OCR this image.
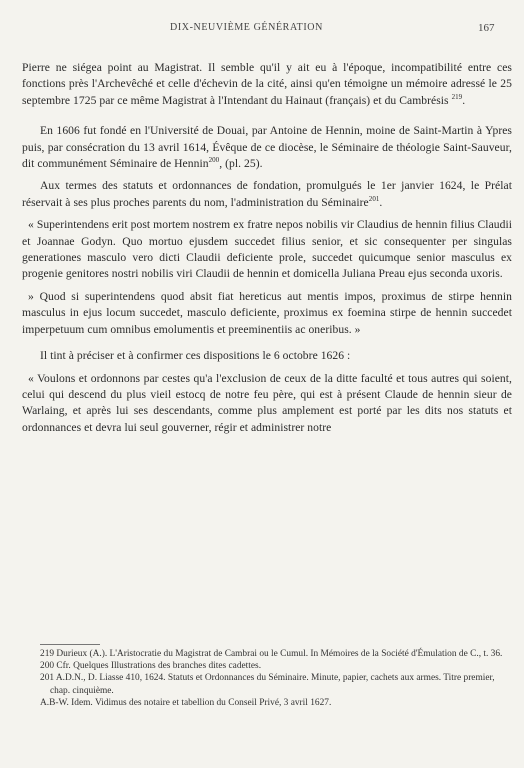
DIX-NEUVIÈME GÉNÉRATION	167

Pierre ne siégea point au Magistrat. Il semble qu'il y ait eu à l'époque, incompatibilité entre ces fonctions près l'Archevêché et celle d'échevin de la cité, ainsi qu'en témoigne un mémoire adressé le 25 septembre 1725 par ce même Magistrat à l'Intendant du Hainaut (français) et du Cambrésis $^{219}$.

En 1606 fut fondé en l'Université de Douai, par Antoine de Hennin, moine de Saint-Martin à Ypres puis, par consécration du 13 avril 1614, Évêque de ce diocèse, le Séminaire de théologie Saint-Sauveur, dit communément Séminaire de Hennin$^{200}$, (pl. 25).

Aux termes des statuts et ordonnances de fondation, promulgués le 1er janvier 1624, le Prélat réservait à ses plus proches parents du nom, l'administration du Séminaire$^{201}$.

« Superintendens erit post mortem nostrem ex fratre nepos nobilis vir Claudius de hennin filius Claudii et Joannae Godyn. Quo mortuo ejusdem succedet filius senior, et sic consequenter per singulas generationes masculo vero dicti Claudii deficiente prole, succedet quicumque senior masculus ex progenie genitores nostri nobilis viri Claudii de hennin et domicella Juliana Preau ejus seconda uxoris.

» Quod si superintendens quod absit fiat hereticus aut mentis impos, proximus de stirpe hennin masculus in ejus locum succedet, masculo deficiente, proximus ex foemina stirpe de hennin succedet imperpetuum cum omnibus emolumentis et preeminentiis ac oneribus. »

Il tint à préciser et à confirmer ces dispositions le 6 octobre 1626 :

« Voulons et ordonnons par cestes qu'a l'exclusion de ceux de la ditte faculté et tous autres qui soient, celui qui descend du plus vieil estocq de notre feu père, qui est à présent Claude de hennin sieur de Warlaing, et après lui ses descendants, comme plus amplement est porté par les dits nos statuts et ordonnances et devra lui seul gouverner, régir et administrer notre

219 Durieux (A.). L'Aristocratie du Magistrat de Cambrai ou le Cumul. In Mémoires de la Société d'Émulation de C., t. 36.

200 Cfr. Quelques Illustrations des branches dites cadettes.

201 A.D.N., D. Liasse 410, 1624. Statuts et Ordonnances du Séminaire. Minute, papier, cachets aux armes. Titre premier, chap. cinquième.

A.B-W. Idem. Vidimus des notaire et tabellion du Conseil Privé, 3 avril 1627.
